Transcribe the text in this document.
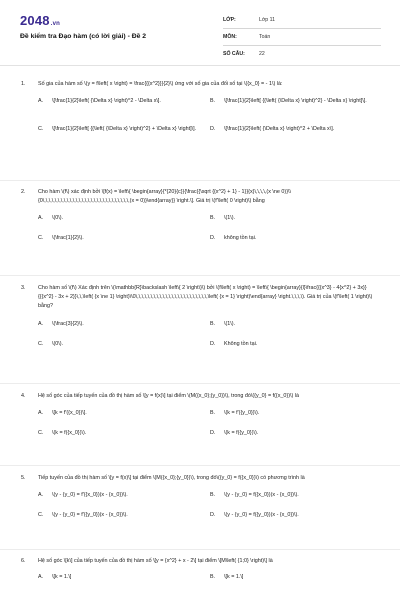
2048.vn
Đề kiểm tra Đạo hàm (có lời giải) - Đề 2
LỚP:	Lớp 11
MÔN:	Toán
SỐ CÂU:	22
1.	Số gia của hàm số \(y = f\left( x \right) = \frac{{{x^2}}}{2}\) ứng với số gia của đối số tại \({x_0} = - 1\) là:
A.	\[\frac{1}{2}\left( {\Delta x} \right)^2 - \Delta x\].	B.	\[\frac{1}{2}\left[ {{\left( {\Delta x} \right)^2} - \Delta x} \right]\].
C.	\[\frac{1}{2}\left[ {{\left( {\Delta x} \right)^2} + \Delta x} \right]\].	D.	\[\frac{1}{2}\left( {\Delta x} \right)^2 + \Delta x\].
2.	Cho hàm \(f\) xác định bởi \[f(x) = \left\{ \begin{array}{*{20}{c}}{\frac{{\sqrt {{x^2} + 1} - 1}}{x}\,\,\,\,(x \ne 0)}\\{0\,\,\,\,\,\,\,\,\,\,\,\,\,\,\,\,\,\,\,\,\,\,\,\,\,\,\,\,\,(x = 0)}\end{array}} \right.\]. Giá trị \(f'\left( 0 \right)\) bằng
A.	\(0\).	B.	\(1\).
C.	\(\frac{1}{2}\).	D.	không tồn tại.
3.	Cho hàm số \(f\) Xác định trên \(\mathbb{R}\backslash \left\{ 2 \right\}\) bởi \(f\left( x \right) = \left\{ \begin{array}{l}\frac{{{x^3} - 4{x^2} + 3x}}{{{x^2} - 3x + 2}}\,\,\left( {x \ne 1} \right)\\0\,\,\,\,\,\,\,\,\,\,\,\,\,\,\,\,\,\,\,\,\,\,\,\,\left( {x = 1} \right)\end{array} \right.\,\,\,\). Giá trị của \(f'\left( 1 \right)\) bằng?
A.	\(\frac{3}{2}\).	B.	\(1\).
C.	\(0\).	D.	Không tồn tại.
4.	Hệ số góc của tiếp tuyến của đồ thị hàm số \[y = f(x)\] tại điểm \(M({x_0};{y_0})\), trong đó\({y_0} = f({x_0})\) là
A.	\[k = f'({x_0})\].	B.	\(k = f'({y_0})\).
C.	\(k = f({x_0})\).	D.	\(k = f({y_0})\).
5.	Tiếp tuyến của đồ thị hàm số \[y = f(x)\] tại điểm \(M({x_0};{y_0})\), trong đó\({y_0} = f({x_0})\) có phương trình là
A.	\(y - {y_0} = f'({x_0})(x - {x_0})\).	B.	\(y - {y_0} = f({x_0})(x - {x_0})\).
C.	\(y - {y_0} = f'({y_0})(x - {x_0})\).	D.	\(y - {y_0} = f({y_0})(x - {x_0})\).
6.	Hệ số góc \[k\] của tiếp tuyến của đồ thị hàm số \[y = {x^2} + x - 2\] tại điểm \[M\left( {1;0} \right)\] là
A.	\[k = 1.\]	B.	\[k = 1.\]
